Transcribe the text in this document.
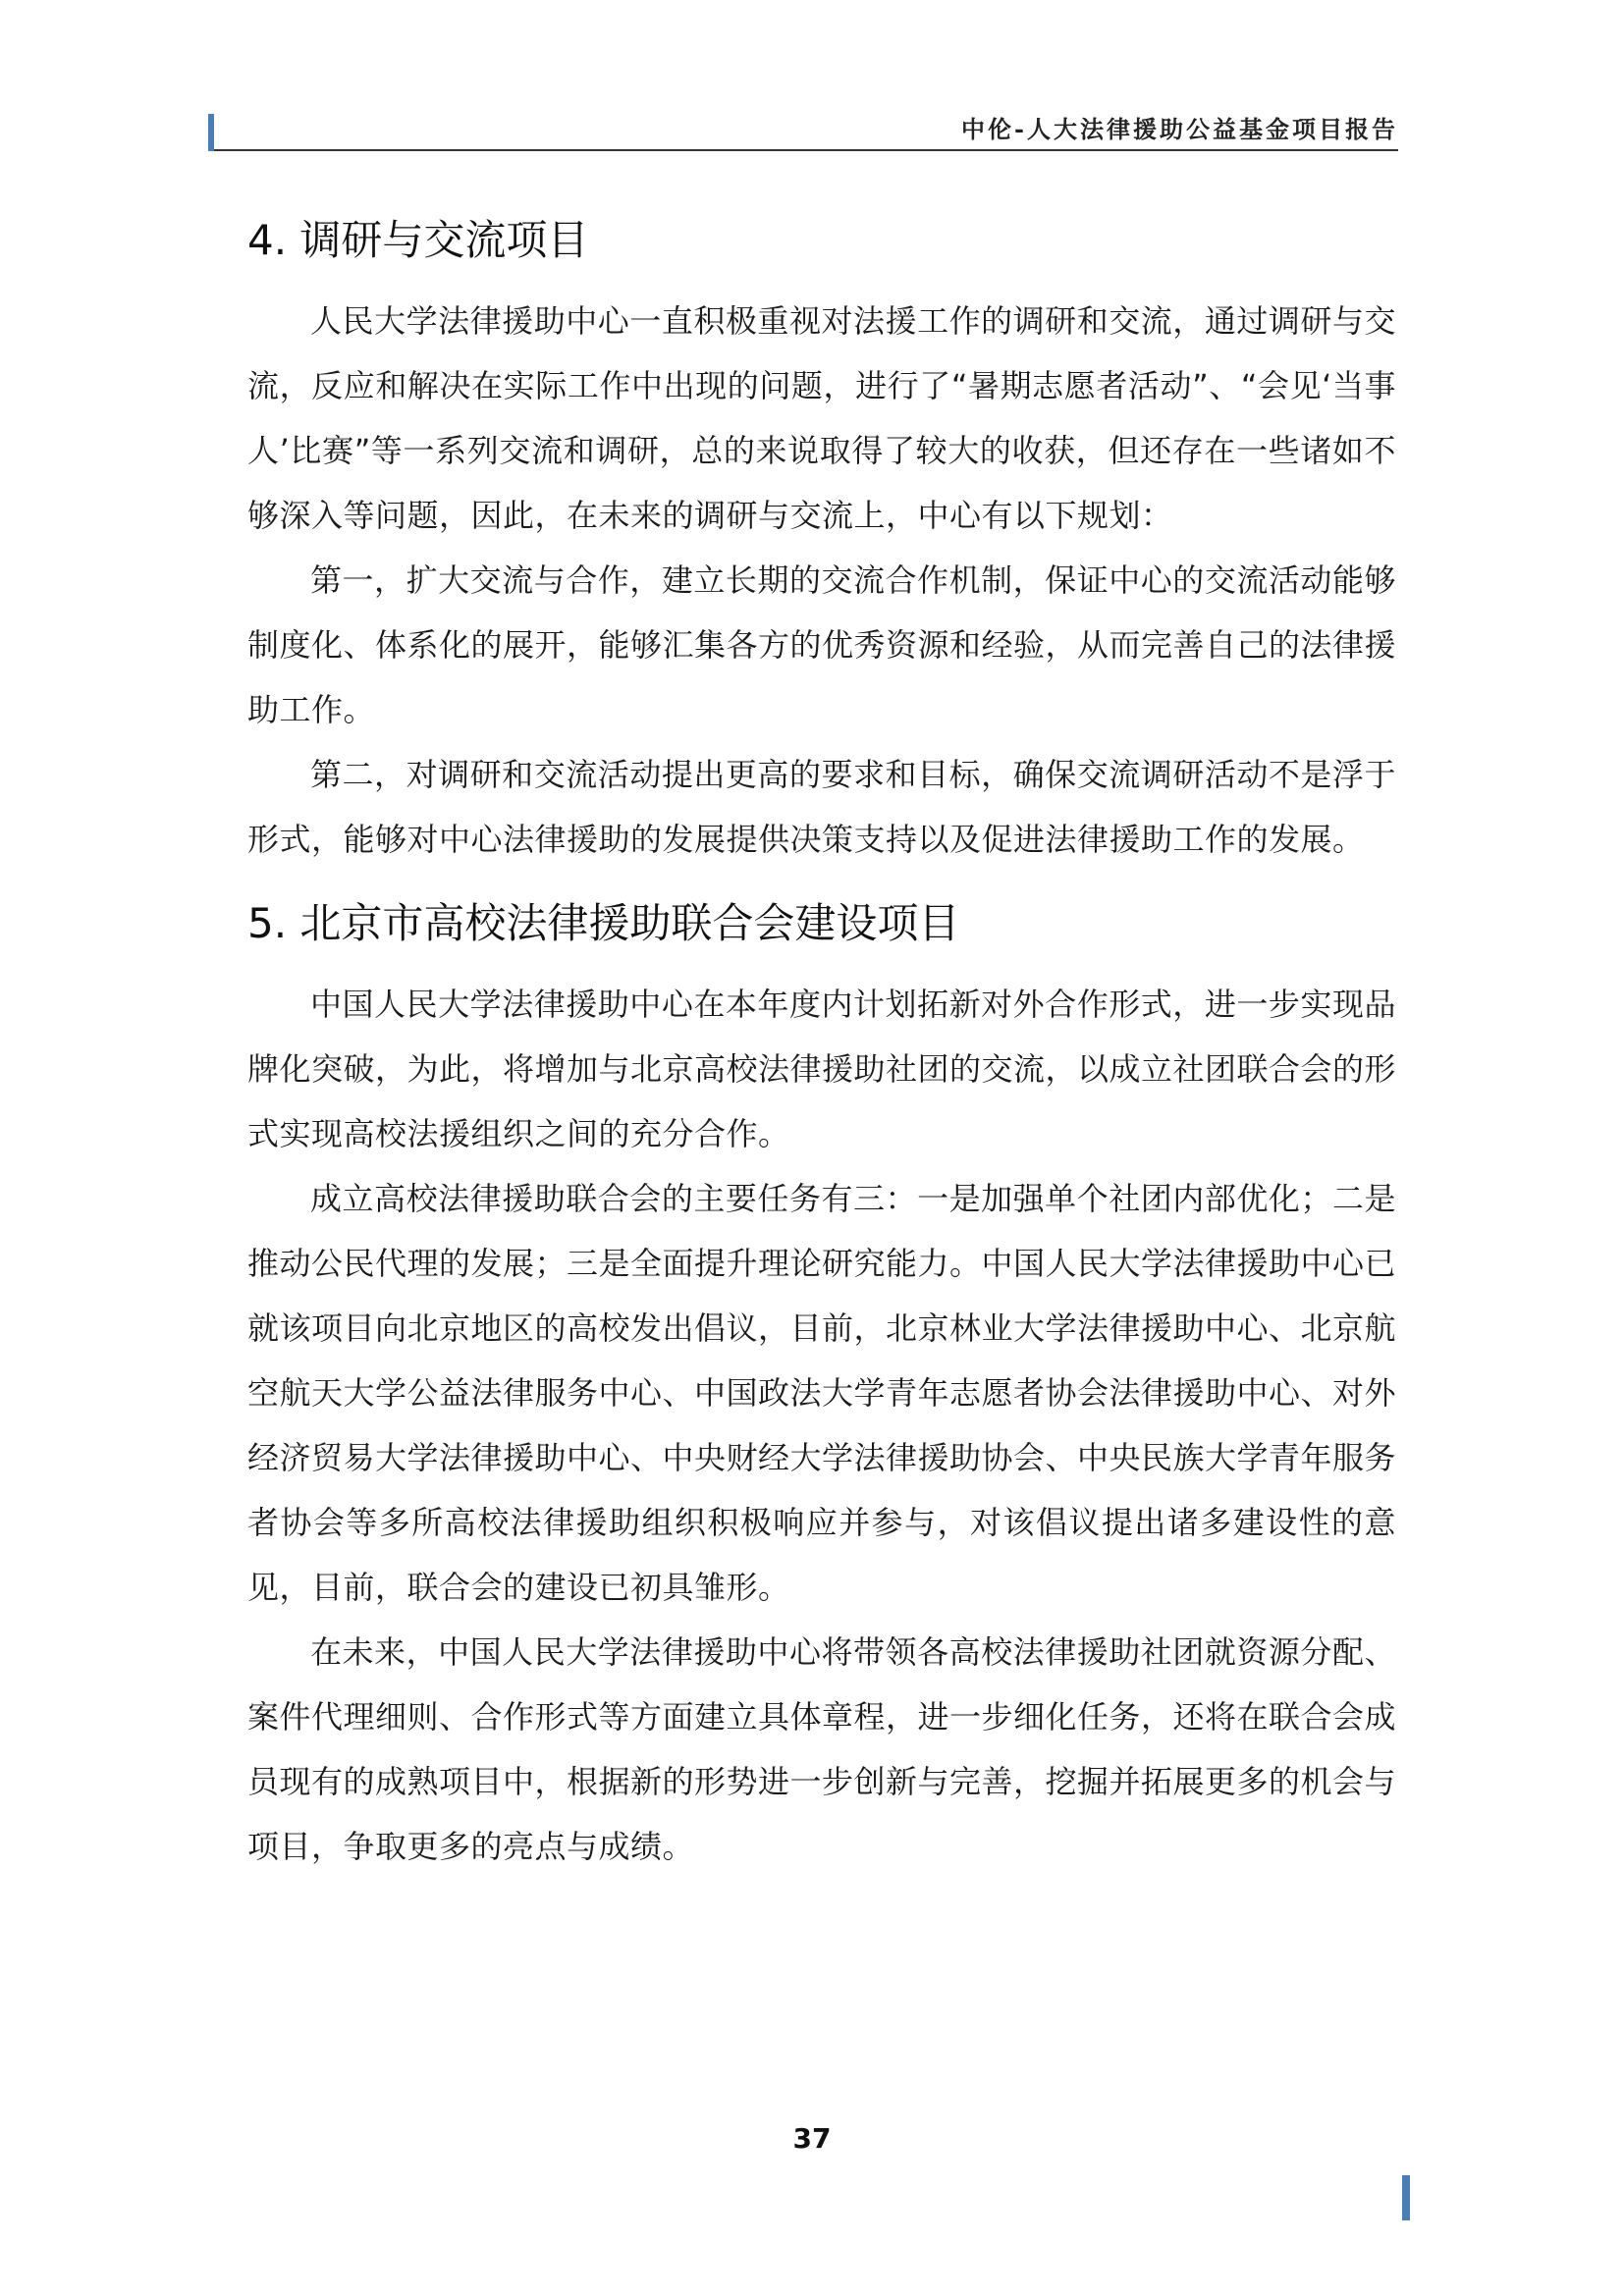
中伦-人大法律援助公益基金项目报告
4. 调研与交流项目

人民大学法律援助中心一直积极重视对法援工作的调研和交流，通过调研与交流，反应和解决在实际工作中出现的问题，进行了“暑期志愿者活动”、“会见‘当事人’比赛”等一系列交流和调研，总的来说取得了较大的收获，但还存在一些诸如不够深入等问题，因此，在未来的调研与交流上，中心有以下规划：

第一，扩大交流与合作，建立长期的交流合作机制，保证中心的交流活动能够制度化、体系化的展开，能够汇集各方的优秀资源和经验，从而完善自己的法律援助工作。

第二，对调研和交流活动提出更高的要求和目标，确保交流调研活动不是浮于形式，能够对中心法律援助的发展提供决策支持以及促进法律援助工作的发展。

5. 北京市高校法律援助联合会建设项目

中国人民大学法律援助中心在本年度内计划拓新对外合作形式，进一步实现品牌化突破，为此，将增加与北京高校法律援助社团的交流，以成立社团联合会的形式实现高校法援组织之间的充分合作。

成立高校法律援助联合会的主要任务有三：一是加强单个社团内部优化；二是推动公民代理的发展；三是全面提升理论研究能力。中国人民大学法律援助中心已就该项目向北京地区的高校发出倡议，目前，北京林业大学法律援助中心、北京航空航天大学公益法律服务中心、中国政法大学青年志愿者协会法律援助中心、对外经济贸易大学法律援助中心、中央财经大学法律援助协会、中央民族大学青年服务者协会等多所高校法律援助组织积极响应并参与，对该倡议提出诸多建设性的意见，目前，联合会的建设已初具雏形。

在未来，中国人民大学法律援助中心将带领各高校法律援助社团就资源分配、案件代理细则、合作形式等方面建立具体章程，进一步细化任务，还将在联合会成员现有的成熟项目中，根据新的形势进一步创新与完善，挖掘并拓展更多的机会与项目，争取更多的亮点与成绩。

37
